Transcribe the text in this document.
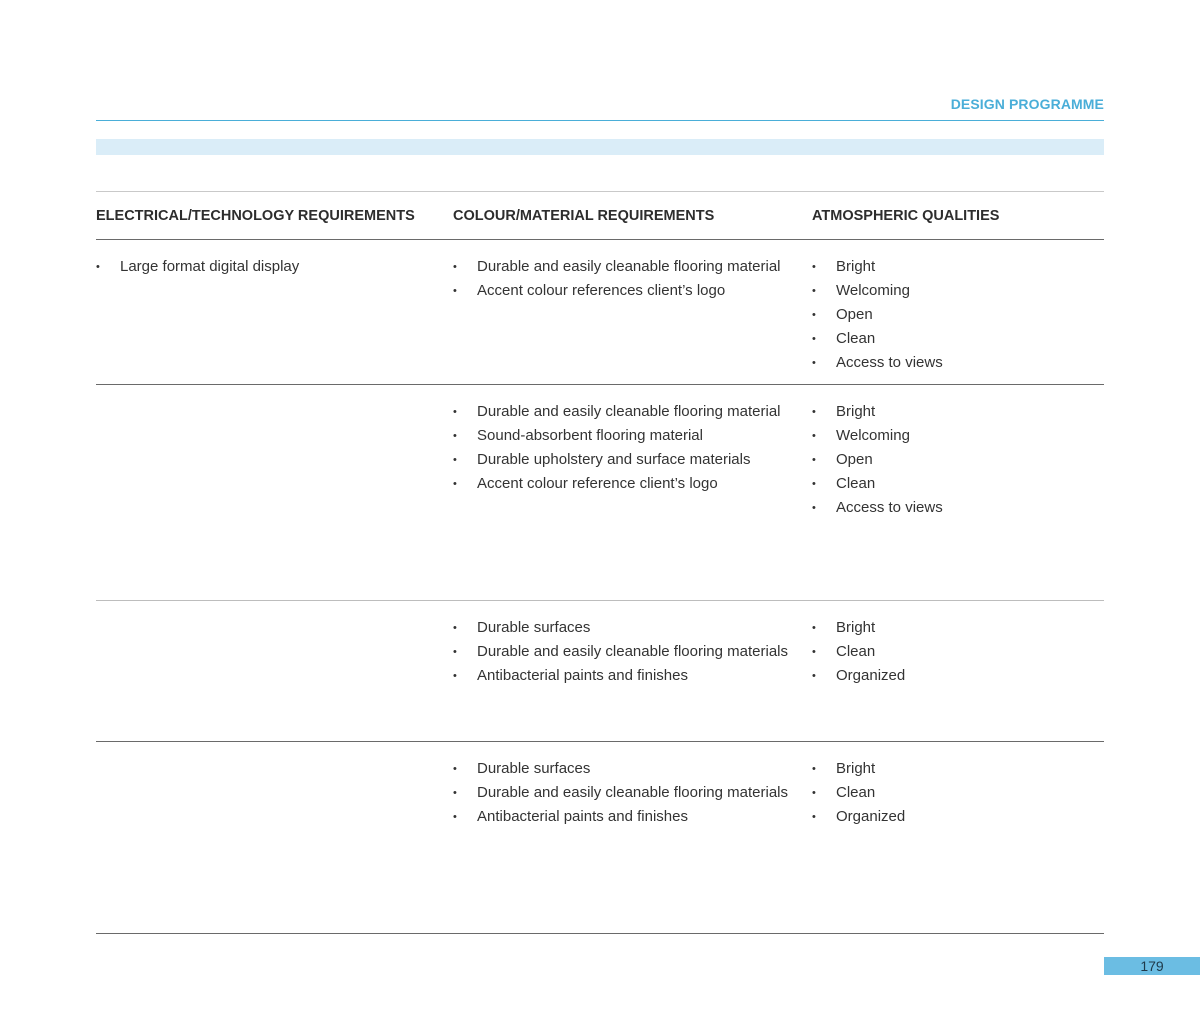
DESIGN PROGRAMME
ELECTRICAL/TECHNOLOGY REQUIREMENTS	COLOUR/MATERIAL REQUIREMENTS	ATMOSPHERIC QUALITIES
• Large format digital display
•	Durable and easily cleanable flooring material
• Accent colour references client’s logo
• Bright
• Welcoming
• Open
• Clean
• Access to views
• Durable and easily cleanable flooring material
• Sound-absorbent flooring material
• Durable upholstery and surface materials
• Accent colour reference client’s logo
• Bright
• Welcoming
• Open
• Clean
• Access to views
• Durable surfaces
• Durable and easily cleanable flooring materials
• Antibacterial paints and finishes
• Bright
• Clean
• Organized
• Durable surfaces
• Durable and easily cleanable flooring materials
• Antibacterial paints and finishes
• Bright
• Clean
• Organized
179
